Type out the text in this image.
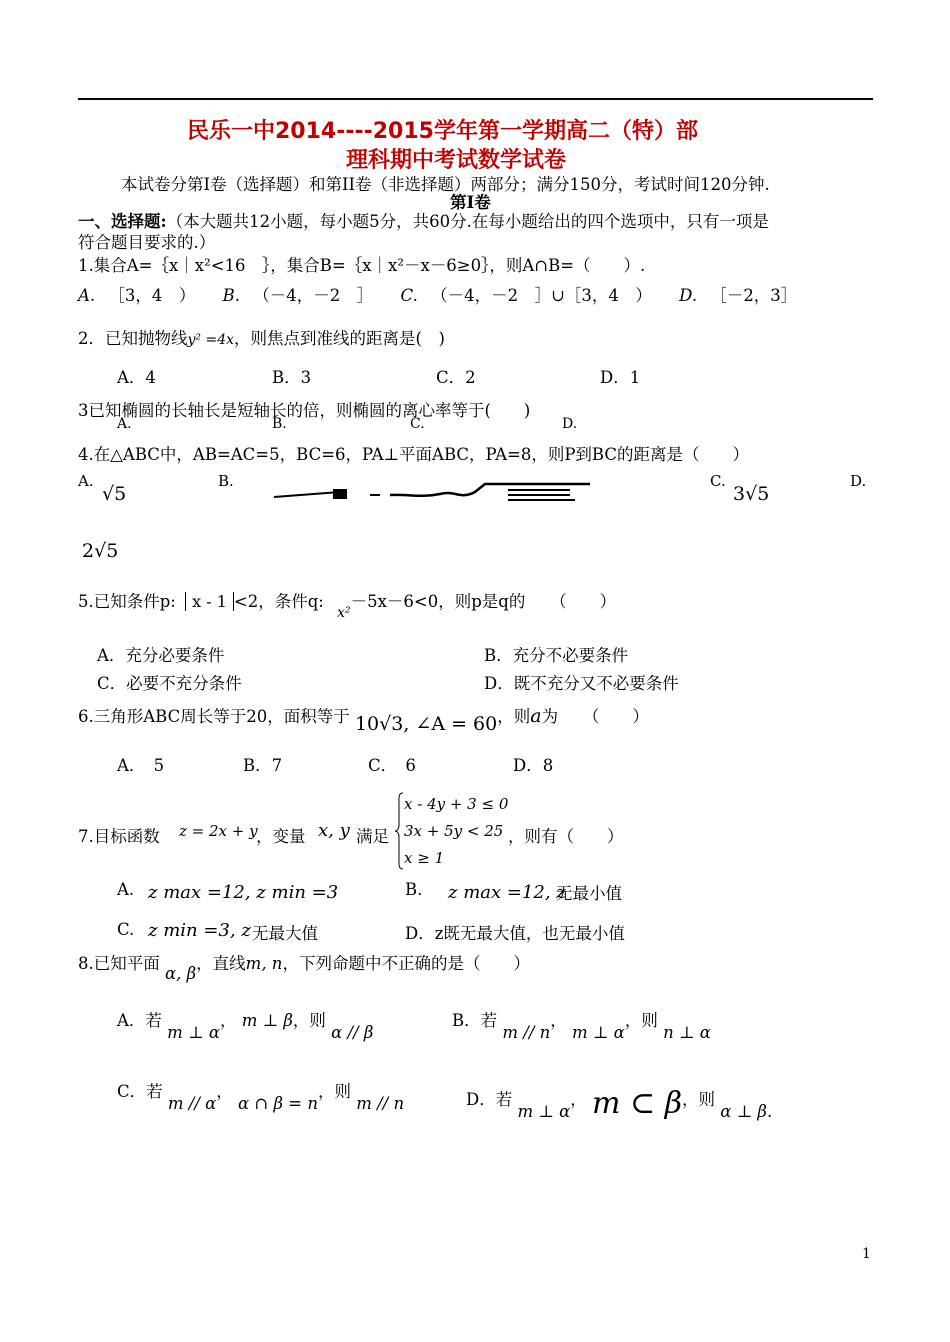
民乐一中2014----2015学年第一学期高二（特）部
理科期中考试数学试卷
本试卷分第Ⅰ卷（选择题）和第II卷（非选择题）两部分；满分150分，考试时间120分钟.
第Ⅰ卷
一、选择题:（本大题共12小题，每小题5分，共60分.在每小题给出的四个选项中，只有一项是
符合题目要求的.）
1.集合A=｛x｜x²<16　｝，集合B=｛x｜x²－x－6≥0｝，则A∩B=（　　）.
A. ［3，4　） B. （－4，－2　］ C. （－4，－2　］∪［3，4　） D. ［－2，3］
2．已知抛物线y² =4x，则焦点到准线的距离是(　)
A．4	B．3	C．2	D．1
3已知椭圆的长轴长是短轴长的倍，则椭圆的离心率等于(　　)
A.	B.	C.	D.
4.在△ABC中，AB=AC=5，BC=6，PA⊥平面ABC，PA=8，则P到BC的距离是（　　）
A.
√5
B.	C.
3√5
D.
2√5
5.已知条件p: x - 1 <2，条件q: $_{x^2}$－5x－6<0，则p是q的　　（　　）
A．充分必要条件	B．充分不必要条件
C．必要不充分条件	D．既不充分又不必要条件
6.三角形ABC周长等于20，面积等于 10√3, ∠A = 60，则a为　　（　　）
A．　5	B．7	C．　6	D．8
7.目标函数 z = 2x + y
，变量 x, y 满足
x - 4y + 3 ≤ 0
3x + 5y < 25
x ≥ 1
，则有（　　）
A. z max =12, z min =3	B. z max =12, z
无最小值
C. z min =3, z 无最大值	D．z既无最大值，也无最小值
8.已知平面 α, β，直线m, n，下列命题中不正确的是（　　）
A．若 m ⊥ α， m ⊥ β，则 α // β
B．若 m // n， m ⊥ α，则 n ⊥ α
C．若 m // α， α ∩ β = n，则 m // n	D．若 m ⊥ α， m ⊂ β，则 α ⊥ β.
1
